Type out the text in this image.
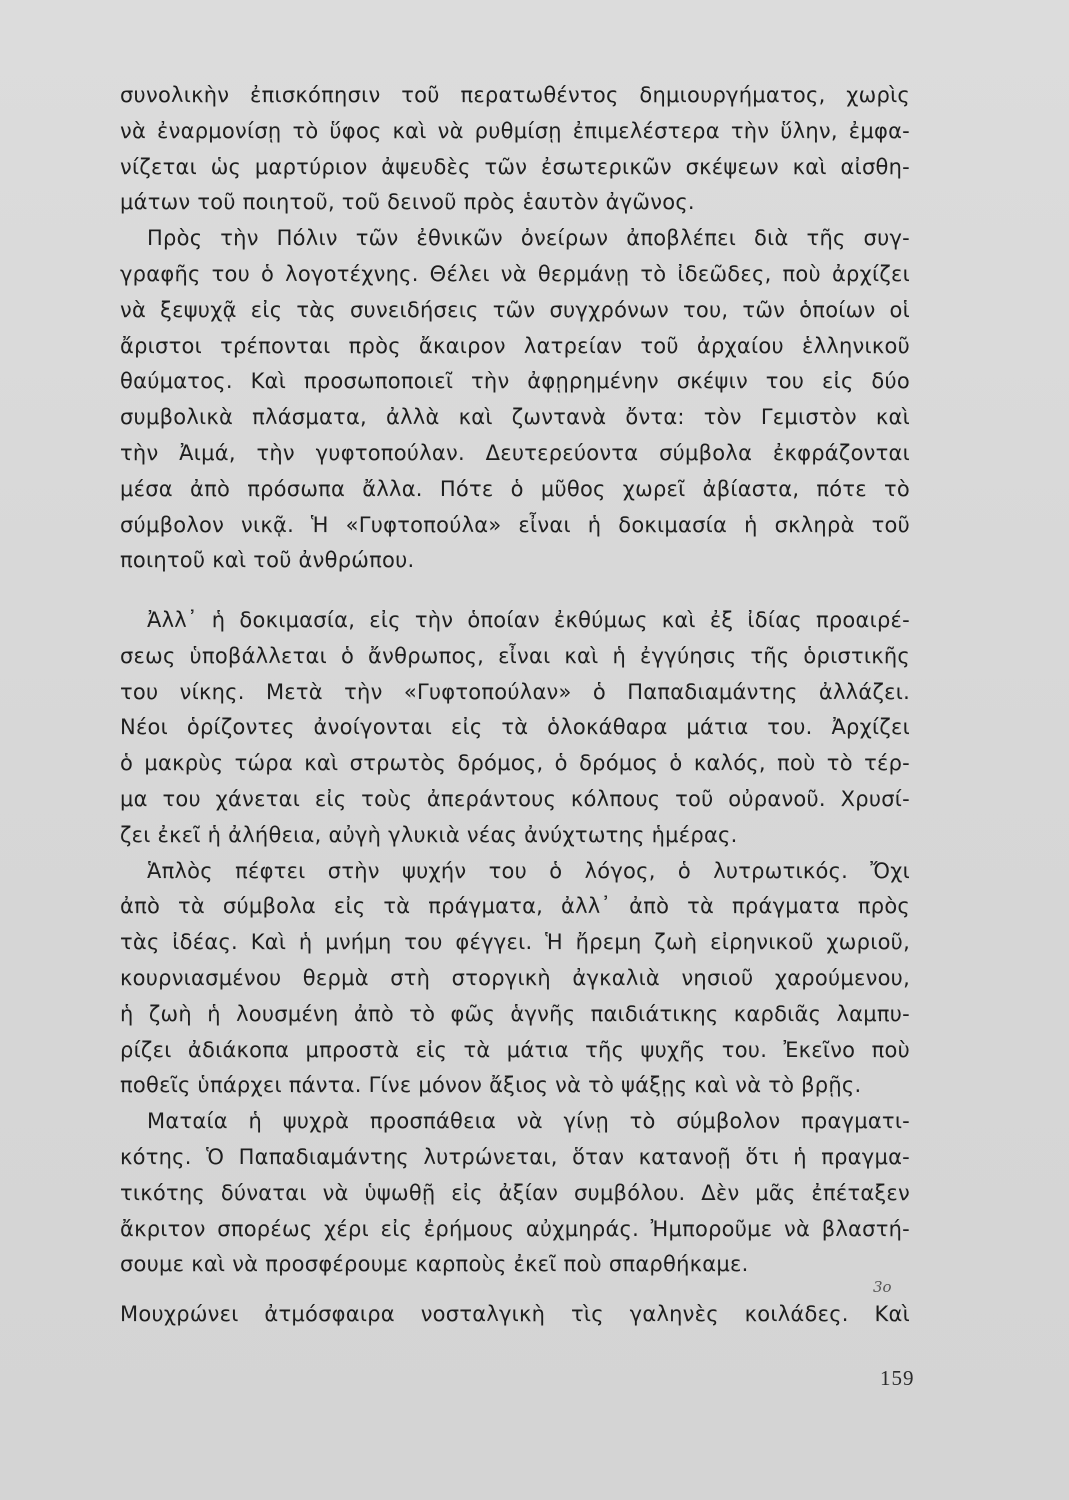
συνολικὴν ἐπισκόπησιν τοῦ περατωθέντος δημιουργήματος, χωρὶς
νὰ ἐναρμονίσῃ τὸ ὕφος καὶ νὰ ρυθμίσῃ ἐπιμελέστερα τὴν ὕλην, ἐμφα-
νίζεται ὡς μαρτύριον ἀψευδὲς τῶν ἐσωτερικῶν σκέψεων καὶ αἰσθη-
μάτων τοῦ ποιητοῦ, τοῦ δεινοῦ πρὸς ἑαυτὸν ἀγῶνος.
Πρὸς τὴν Πόλιν τῶν ἐθνικῶν ὀνείρων ἀποβλέπει διὰ τῆς συγ-
γραφῆς του ὁ λογοτέχνης. Θέλει νὰ θερμάνῃ τὸ ἰδεῶδες, ποὺ ἀρχίζει
νὰ ξεψυχᾷ εἰς τὰς συνειδήσεις τῶν συγχρόνων του, τῶν ὁποίων οἱ
ἄριστοι τρέπονται πρὸς ἄκαιρον λατρείαν τοῦ ἀρχαίου ἑλληνικοῦ
θαύματος. Καὶ προσωποποιεῖ τὴν ἀφῃρημένην σκέψιν του εἰς δύο
συμβολικὰ πλάσματα, ἀλλὰ καὶ ζωντανὰ ὄντα: τὸν Γεμιστὸν καὶ
τὴν Ἀιμά, τὴν γυφτοπούλαν. Δευτερεύοντα σύμβολα ἐκφράζονται
μέσα ἀπὸ πρόσωπα ἄλλα. Πότε ὁ μῦθος χωρεῖ ἀβίαστα, πότε τὸ
σύμβολον νικᾷ. Ἡ «Γυφτοπούλα» εἶναι ἡ δοκιμασία ἡ σκληρὰ τοῦ
ποιητοῦ καὶ τοῦ ἀνθρώπου.
Ἀλλ᾿ ἡ δοκιμασία, εἰς τὴν ὁποίαν ἐκθύμως καὶ ἐξ ἰδίας προαιρέ-
σεως ὑποβάλλεται ὁ ἄνθρωπος, εἶναι καὶ ἡ ἐγγύησις τῆς ὁριστικῆς
του νίκης. Μετὰ τὴν «Γυφτοπούλαν» ὁ Παπαδιαμάντης ἀλλάζει.
Νέοι ὁρίζοντες ἀνοίγονται εἰς τὰ ὁλοκάθαρα μάτια του. Ἀρχίζει
ὁ μακρὺς τώρα καὶ στρωτὸς δρόμος, ὁ δρόμος ὁ καλός, ποὺ τὸ τέρ-
μα του χάνεται εἰς τοὺς ἀπεράντους κόλπους τοῦ οὐρανοῦ. Χρυσί-
ζει ἐκεῖ ἡ ἀλήθεια, αὐγὴ γλυκιὰ νέας ἀνύχτωτης ἡμέρας.
Ἁπλὸς πέφτει στὴν ψυχήν του ὁ λόγος, ὁ λυτρωτικός. Ὄχι
ἀπὸ τὰ σύμβολα εἰς τὰ πράγματα, ἀλλ᾿ ἀπὸ τὰ πράγματα πρὸς
τὰς ἰδέας. Καὶ ἡ μνήμη του φέγγει. Ἡ ἤρεμη ζωὴ εἰρηνικοῦ χωριοῦ,
κουρνιασμένου θερμὰ στὴ στοργικὴ ἀγκαλιὰ νησιοῦ χαρούμενου,
ἡ ζωὴ ἡ λουσμένη ἀπὸ τὸ φῶς ἁγνῆς παιδιάτικης καρδιᾶς λαμπυ-
ρίζει ἀδιάκοπα μπροστὰ εἰς τὰ μάτια τῆς ψυχῆς του. Ἐκεῖνο ποὺ
ποθεῖς ὑπάρχει πάντα. Γίνε μόνον ἄξιος νὰ τὸ ψάξῃς καὶ νὰ τὸ βρῇς.
Ματαία ἡ ψυχρὰ προσπάθεια νὰ γίνῃ τὸ σύμβολον πραγματι-
κότης. Ὁ Παπαδιαμάντης λυτρώνεται, ὅταν κατανοῇ ὅτι ἡ πραγμα-
τικότης δύναται νὰ ὑψωθῇ εἰς ἀξίαν συμβόλου. Δὲν μᾶς ἐπέταξεν
ἄκριτον σπορέως χέρι εἰς ἐρήμους αὐχμηράς. Ἠμποροῦμε νὰ βλαστή-
σουμε καὶ νὰ προσφέρουμε καρποὺς ἐκεῖ ποὺ σπαρθήκαμε.
3ο
Μουχρώνει ἀτμόσφαιρα νοσταλγικὴ τὶς γαληνὲς κοιλάδες. Καὶ
159
